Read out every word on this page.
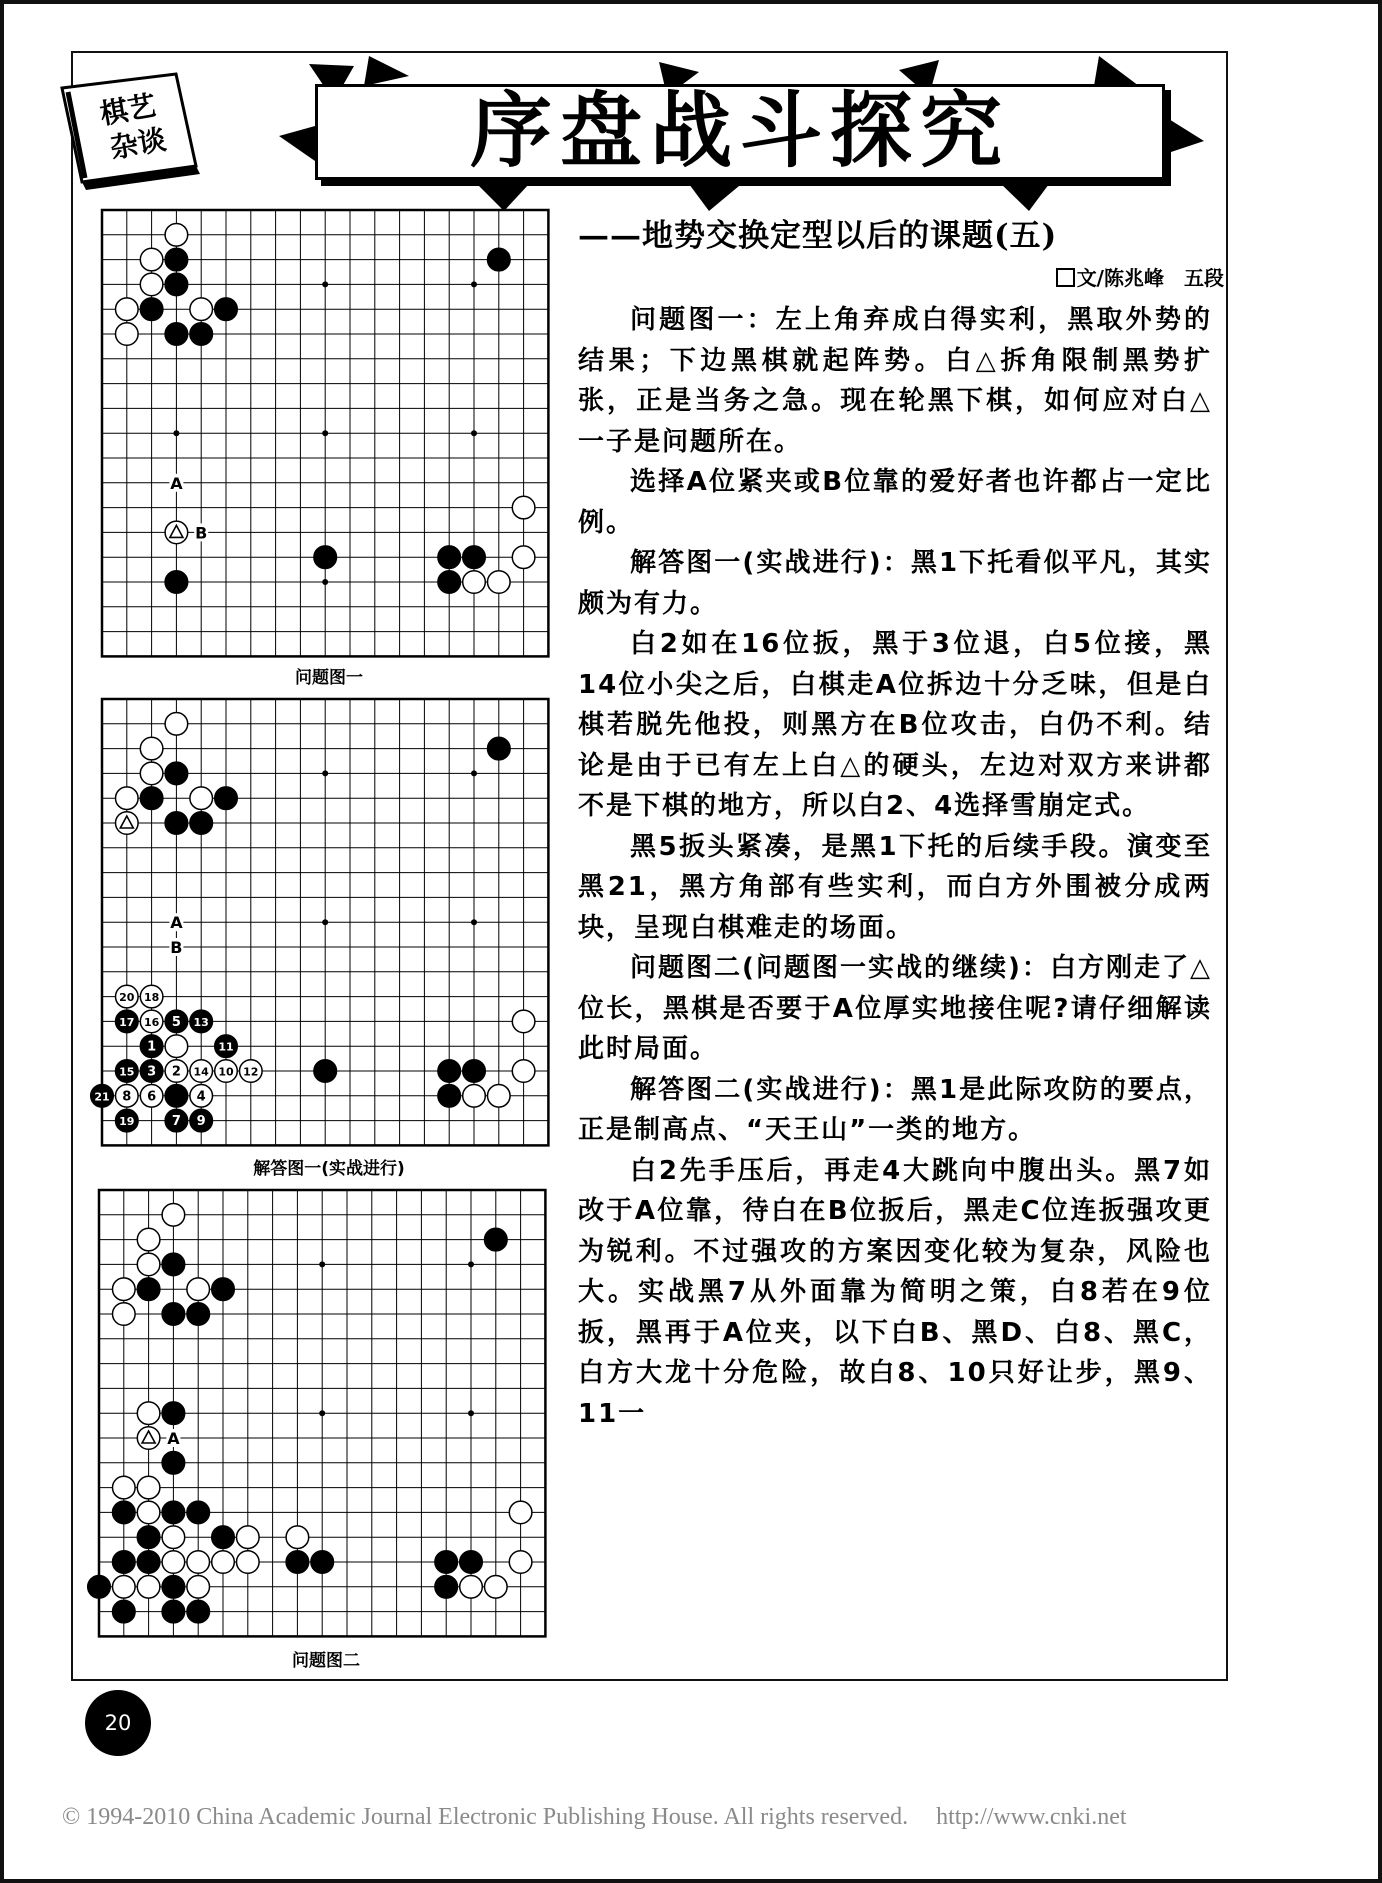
棋艺
杂谈	序盘战斗探究
——地势交换定型以后的课题(五)
文/陈兆峰　五段

问题图一：左上角弃成白得实利，黑取外势的结果；下边黑棋就起阵势。白△拆角限制黑势扩张，正是当务之急。现在轮黑下棋，如何应对白△一子是问题所在。

选择A位紧夹或B位靠的爱好者也许都占一定比例。

解答图一(实战进行)：黑1下托看似平凡，其实颇为有力。

白2如在16位扳，黑于3位退，白5位接，黑14位小尖之后，白棋走A位拆边十分乏味，但是白棋若脱先他投，则黑方在B位攻击，白仍不利。结论是由于已有左上白△的硬头，左边对双方来讲都不是下棋的地方，所以白2、4选择雪崩定式。

黑5扳头紧凑，是黑1下托的后续手段。演变至黑21，黑方角部有些实利，而白方外围被分成两块，呈现白棋难走的场面。

问题图二(问题图一实战的继续)：白方刚走了△位长，黑棋是否要于A位厚实地接住呢?请仔细解读此时局面。

解答图二(实战进行)：黑1是此际攻防的要点，正是制高点、“天王山”一类的地方。

白2先手压后，再走4大跳向中腹出头。黑7如改于A位靠，待白在B位扳后，黑走C位连扳强攻更为锐利。不过强攻的方案因变化较为复杂，风险也大。实战黑7从外面靠为简明之策，白8若在9位扳，黑再于A位夹，以下白B、黑D、白8、黑C，白方大龙十分危险，故白8、10只好让步，黑9、11一

A
B
问题图一
20 18
17 16 5 13
1	11
15 3 2 14 10 12
21 8 6	4
19	7 9
A
B
解答图一(实战进行)
A
问题图二
20
© 1994-2010 China Academic Journal Electronic Publishing House. All rights reserved. http://www.cnki.net
